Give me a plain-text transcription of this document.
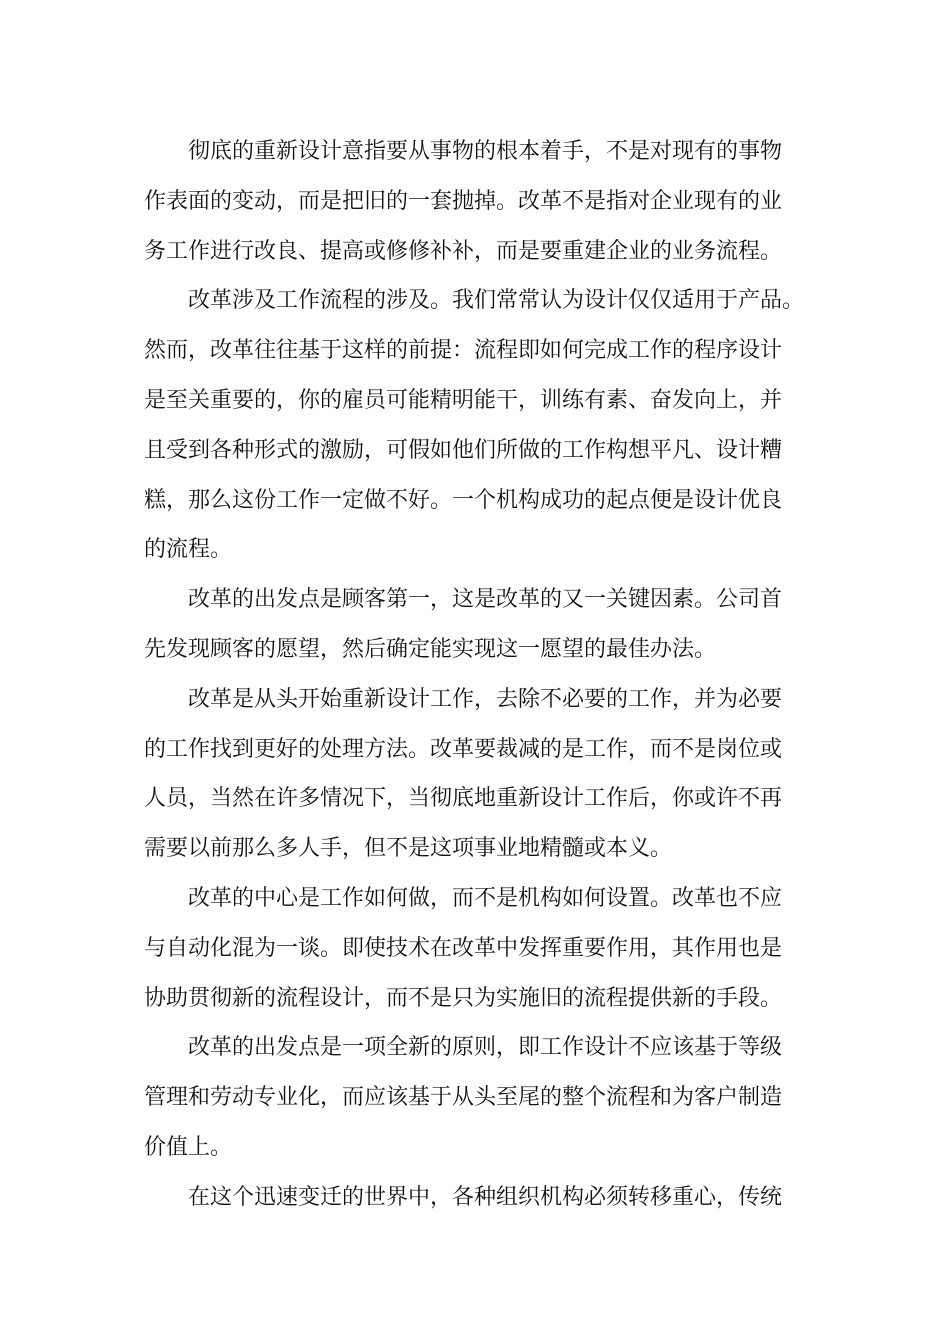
彻底的重新设计意指要从事物的根本着手，不是对现有的事物
作表面的变动，而是把旧的一套抛掉。改革不是指对企业现有的业
务工作进行改良、提高或修修补补，而是要重建企业的业务流程。
改革涉及工作流程的涉及。我们常常认为设计仅仅适用于产品。
然而，改革往往基于这样的前提：流程即如何完成工作的程序设计
是至关重要的，你的雇员可能精明能干，训练有素、奋发向上，并
且受到各种形式的激励，可假如他们所做的工作构想平凡、设计糟
糕，那么这份工作一定做不好。一个机构成功的起点便是设计优良
的流程。
改革的出发点是顾客第一，这是改革的又一关键因素。公司首
先发现顾客的愿望，然后确定能实现这一愿望的最佳办法。
改革是从头开始重新设计工作，去除不必要的工作，并为必要
的工作找到更好的处理方法。改革要裁减的是工作，而不是岗位或
人员，当然在许多情况下，当彻底地重新设计工作后，你或许不再
需要以前那么多人手，但不是这项事业地精髓或本义。
改革的中心是工作如何做，而不是机构如何设置。改革也不应
与自动化混为一谈。即使技术在改革中发挥重要作用，其作用也是
协助贯彻新的流程设计，而不是只为实施旧的流程提供新的手段。
改革的出发点是一项全新的原则，即工作设计不应该基于等级
管理和劳动专业化，而应该基于从头至尾的整个流程和为客户制造
价值上。
在这个迅速变迁的世界中，各种组织机构必须转移重心，传统
